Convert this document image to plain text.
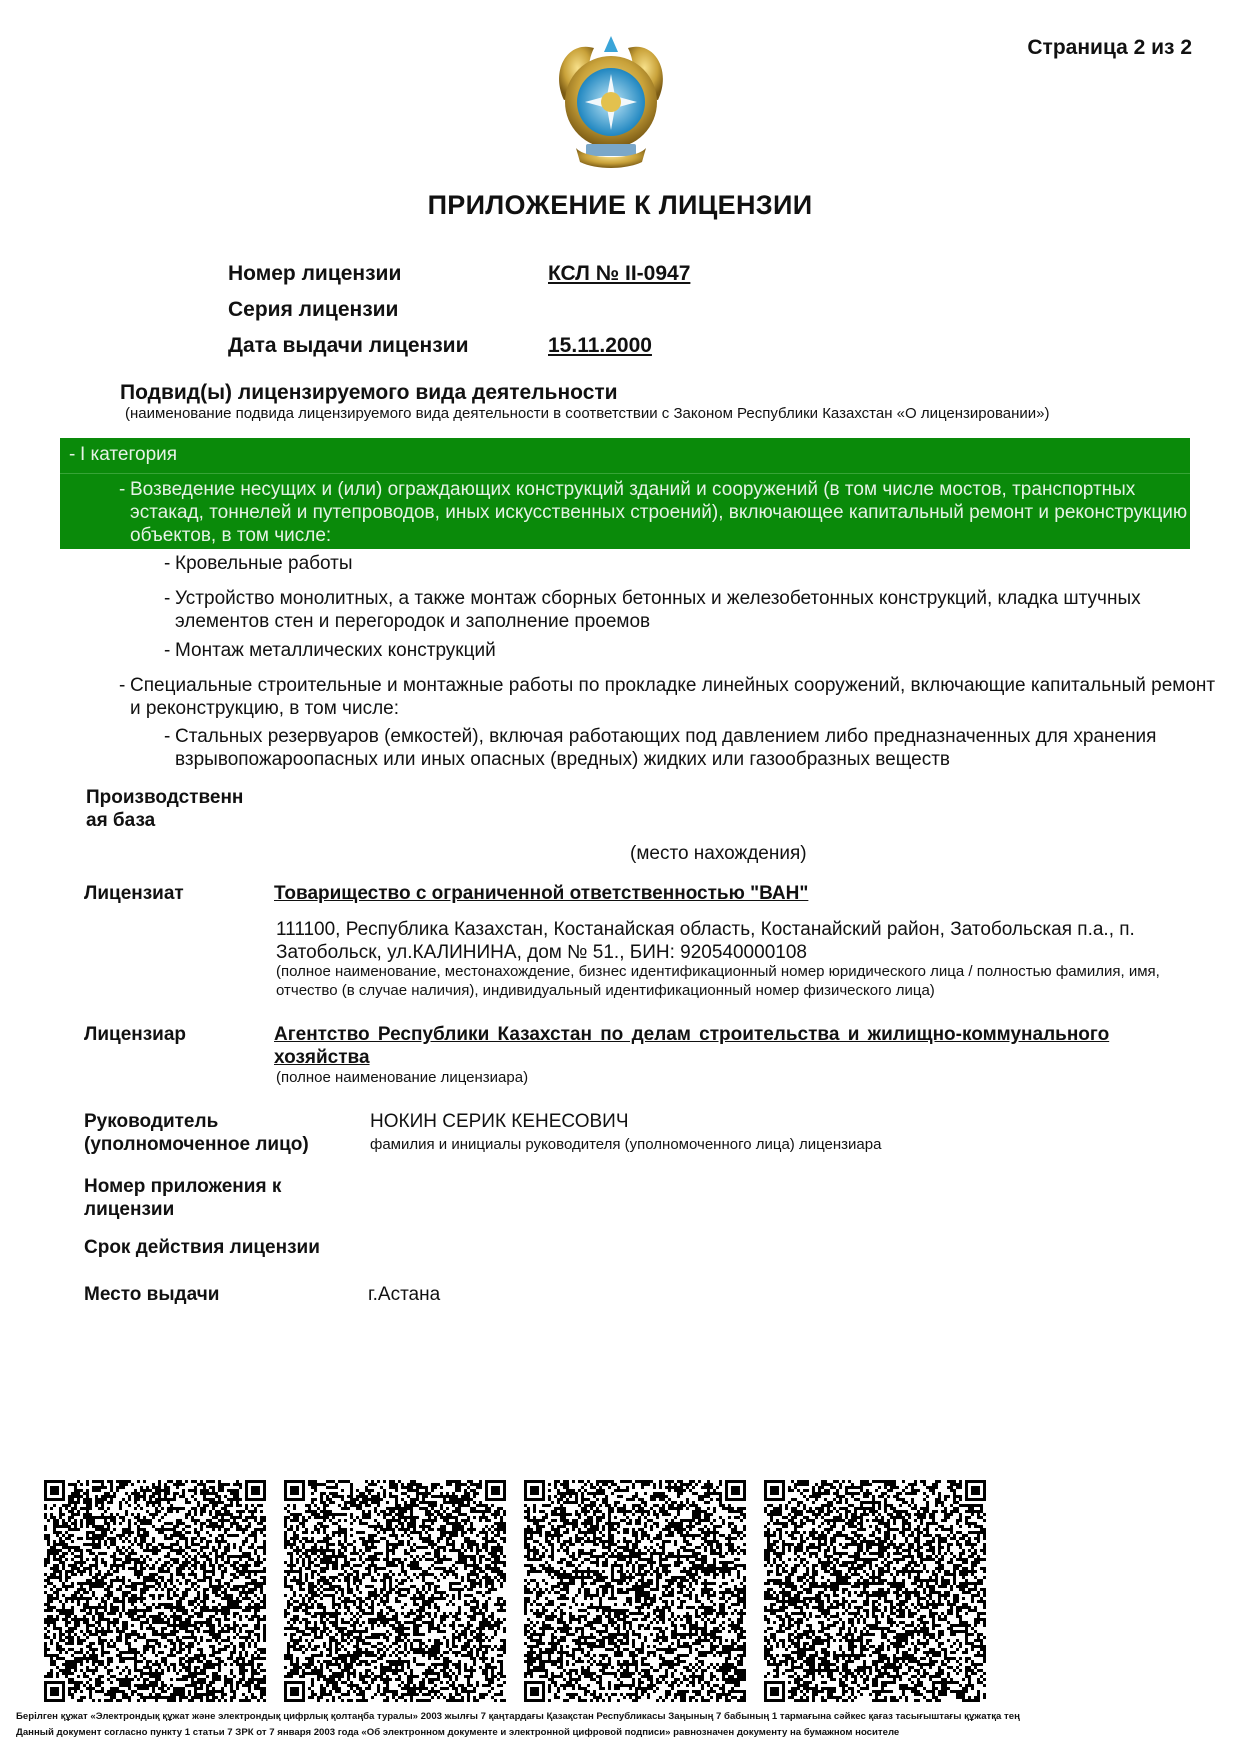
Страница 2 из 2
ПРИЛОЖЕНИЕ К ЛИЦЕНЗИИ
Номер лицензии	КСЛ № II-0947
Серия лицензии
Дата выдачи лицензии	15.11.2000
Подвид(ы) лицензируемого вида деятельности
(наименование подвида лицензируемого вида деятельности в соответствии с Законом Республики Казахстан «О лицензировании»)
- I категория
- Возведение несущих и (или) ограждающих конструкций зданий и сооружений (в том числе мостов, транспортных эстакад, тоннелей и путепроводов, иных искусственных строений), включающее капитальный ремонт и реконструкцию объектов, в том числе:
- Кровельные работы
- Устройство монолитных, а также монтаж сборных бетонных и железобетонных конструкций, кладка штучных элементов стен и перегородок и заполнение проемов
- Монтаж металлических конструкций
- Специальные строительные и монтажные работы по прокладке линейных сооружений, включающие капитальный ремонт и реконструкцию, в том числе:
- Стальных резервуаров (емкостей), включая работающих под давлением либо предназначенных для хранения взрывопожароопасных или иных опасных (вредных) жидких или газообразных веществ
Производственн
ая база
(место нахождения)
Лицензиат	Товарищество с ограниченной ответственностью "ВАН"
111100, Республика Казахстан, Костанайская область, Костанайский район, Затобольская п.а., п. Затобольск, ул.КАЛИНИНА, дом № 51., БИН: 920540000108
(полное наименование, местонахождение, бизнес идентификационный номер юридического лица / полностью фамилия, имя, отчество (в случае наличия), индивидуальный идентификационный номер физического лица)
Лицензиар	Агентство Республики Казахстан по делам строительства и жилищно-коммунального хозяйства
(полное наименование лицензиара)
Руководитель
(уполномоченное лицо)
НОКИН СЕРИК КЕНЕСОВИЧ
фамилия и инициалы руководителя (уполномоченного лица) лицензиара
Номер приложения к
лицензии
Срок действия лицензии
Место выдачи	г.Астана
Берілген құжат «Электрондық құжат және электрондық цифрлық қолтаңба туралы» 2003 жылғы 7 қаңтардағы Қазақстан Республикасы Заңының 7 бабының 1 тармағына сәйкес қағаз тасығыштағы құжатқа тең
Данный документ согласно пункту 1 статьи 7 ЗРК от 7 января 2003 года «Об электронном документе и электронной цифровой подписи» равнозначен документу на бумажном носителе
